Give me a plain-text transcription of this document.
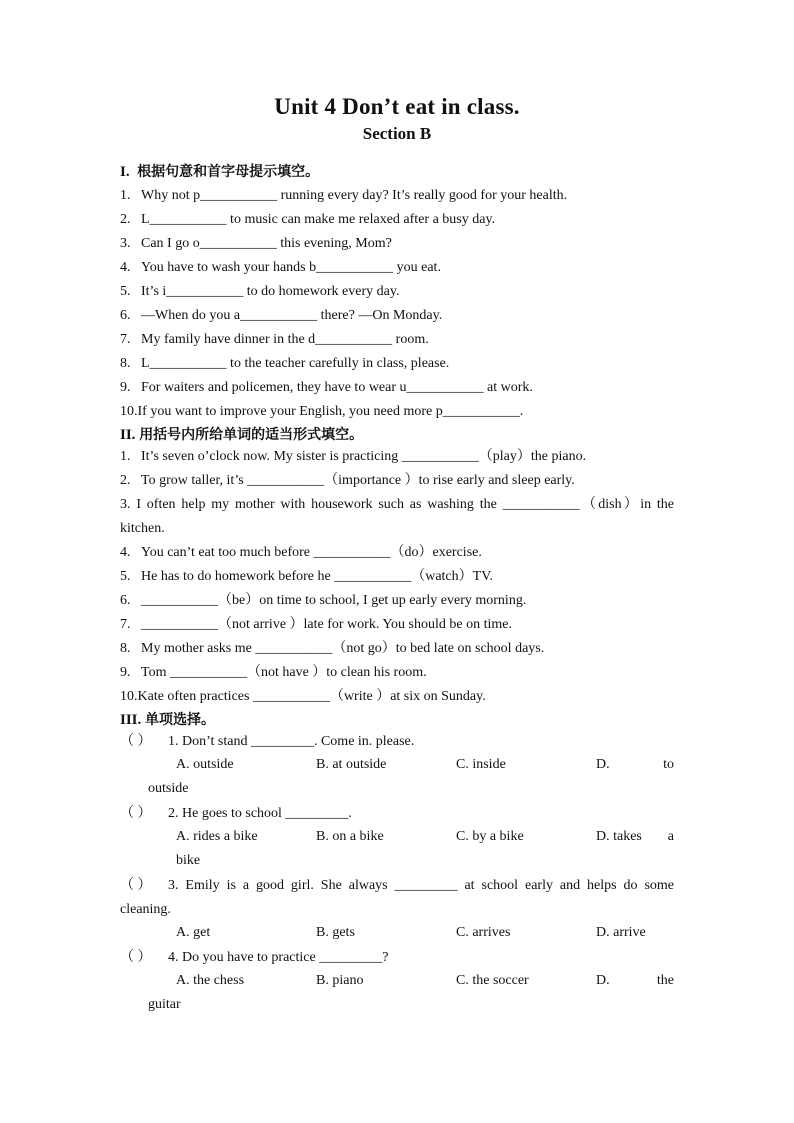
Unit 4 Don’t eat in class.
Section B
I. 根据句意和首字母提示填空。
1. Why not p___________ running every day? It’s really good for your health.
2. L___________ to music can make me relaxed after a busy day.
3. Can I go o___________ this evening, Mom?
4. You have to wash your hands b___________ you eat.
5. It’s i___________ to do homework every day.
6. —When do you a___________ there? —On Monday.
7. My family have dinner in the d___________ room.
8. L___________ to the teacher carefully in class, please.
9. For waiters and policemen, they have to wear u___________ at work.
10.If you want to improve your English, you need more p___________.
II. 用括号内所给单词的适当形式填空。
1. It’s seven o’clock now. My sister is practicing ___________（play）the piano.
2. To grow taller, it’s ___________（importance ）to rise early and sleep early.
3. I often help my mother with housework such as washing the ___________（dish）in the kitchen.
4. You can’t eat too much before ___________（do）exercise.
5. He has to do homework before he ___________（watch）TV.
6. ___________（be）on time to school, I get up early every morning.
7. ___________（not arrive ）late for work. You should be on time.
8. My mother asks me ___________（not go）to bed late on school days.
9. Tom ___________（not have ）to clean his room.
10.Kate often practices ___________（write ）at six on Sunday.
III. 单项选择。
（ ） 1. Don’t stand _________. Come in. please.
A. outside	B. at outside	C. inside	D.	to
outside
（ ） 2. He goes to school _________.
A. rides a bike	B. on a bike	C. by a bike	D. takes a
bike
（ ） 3. Emily is a good girl. She always _________ at school early and helps do some cleaning.
A. get	B. gets	C. arrives	D. arrive
（ ） 4. Do you have to practice _________?
A. the chess	B. piano	C. the soccer	D.	the
guitar
